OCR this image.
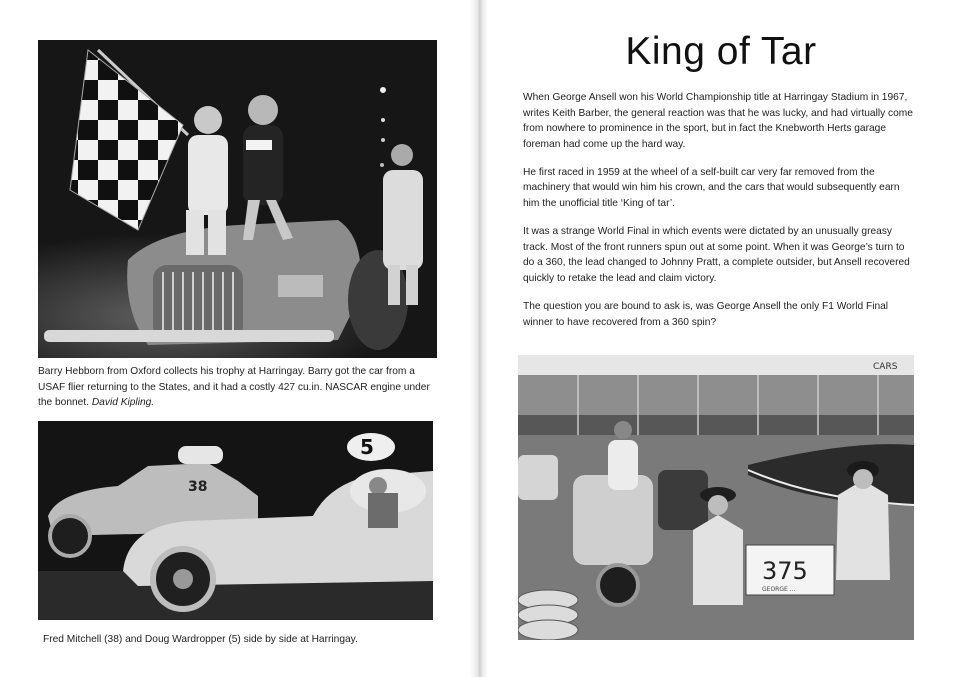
Barry Hebborn from Oxford collects his trophy at Harringay. Barry got the car from a USAF flier returning to the States, and it had a costly 427 cu.in. NASCAR engine under the bonnet. David Kipling.
38
5
Fred Mitchell (38) and Doug Wardropper (5) side by side at Harringay.
King of Tar

When George Ansell won his World Championship title at Harringay Stadium in 1967, writes Keith Barber, the general reaction was that he was lucky, and had virtually come from nowhere to prominence in the sport, but in fact the Knebworth Herts garage foreman had come up the hard way.

He first raced in 1959 at the wheel of a self-built car very far removed from the machinery that would win him his crown, and the cars that would subsequently earn him the unofficial title ‘King of tar’.

It was a strange World Final in which events were dictated by an unusually greasy track. Most of the front runners spun out at some point. When it was George’s turn to do a 360, the lead changed to Johnny Pratt, a complete outsider, but Ansell recovered quickly to retake the lead and claim victory.

The question you are bound to ask is, was George Ansell the only F1 World Final winner to have recovered from a 360 spin?

CARS
375
GEORGE ...
